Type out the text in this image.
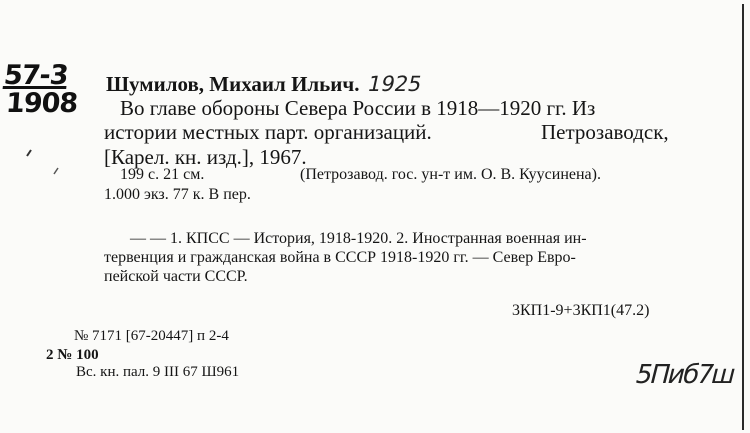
57-3
1908
Шумилов, Михаил Ильич. 1925
Во главе обороны Севера России в 1918—1920 гг. Из
истории местных парт. организаций.	Петрозаводск,
[Карел. кн. изд.], 1967.
199 с. 21 см.	(Петрозавод. гос. ун-т им. О. В. Куусинена).
1.000 экз. 77 к. В пер.
— — 1. КПСС — История, 1918-1920. 2. Иностранная военная ин-
тервенция и гражданская война в СССР 1918-1920 гг. — Север Евро-
пейской части СССР.
3КП1-9+3КП1(47.2)
№ 7171 [67-20447] п 2-4
2 № 100
Вс. кн. пал. 9 III 67 Ш961	5Пиб7ш
